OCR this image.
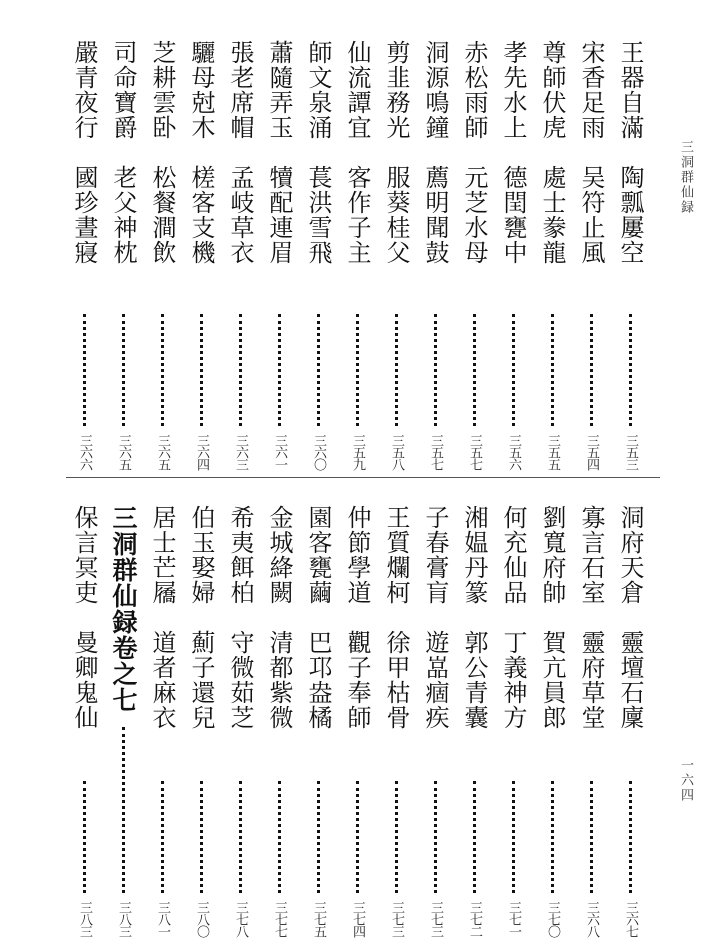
三洞群仙録
一六四
王器自滿　陶瓢屢空
三五三
宋香足雨　吴符止風
三五四
尊師伏虎　處士豢龍
三五五
孝先水上　德閏甕中
三五六
赤松雨師　元芝水母
三五七
洞源鳴鐘　薦明聞鼓
三五七
剪韭務光　服葵桂父
三五八
仙流譚宜　客作子主
三五九
師文泉涌　萇洪雪飛
三六〇
蕭隨弄玉　犢配連眉
三六一
張老席帽　孟岐草衣
三六三
驪母尅木　槎客支機
三六四
芝耕雲卧　松餐澗飲
三六五
司命寶爵　老父神枕
三六五
嚴青夜行　國珍晝寢
三六六
洞府天倉　靈壇石廩
三六七
寡言石室　靈府草堂
三六八
劉寬府帥　賀亢員郎
三七〇
何充仙品　丁義神方
三七一
湘媪丹篆　郭公青囊
三七二
子春膏肓　遊嵓痼疾
三七三
王質爛柯　徐甲枯骨
三七三
仲節學道　觀子奉師
三七四
園客甕繭　巴邛盎橘
三七五
金城絳闕　清都紫微
三七七
希夷餌柏　守微茹芝
三七八
伯玉娶婦　薊子還兒
三八〇
居士芒屩　道者麻衣
三八一
三洞群仙録卷之七
三八三
保言冥吏　曼卿鬼仙
三八三
